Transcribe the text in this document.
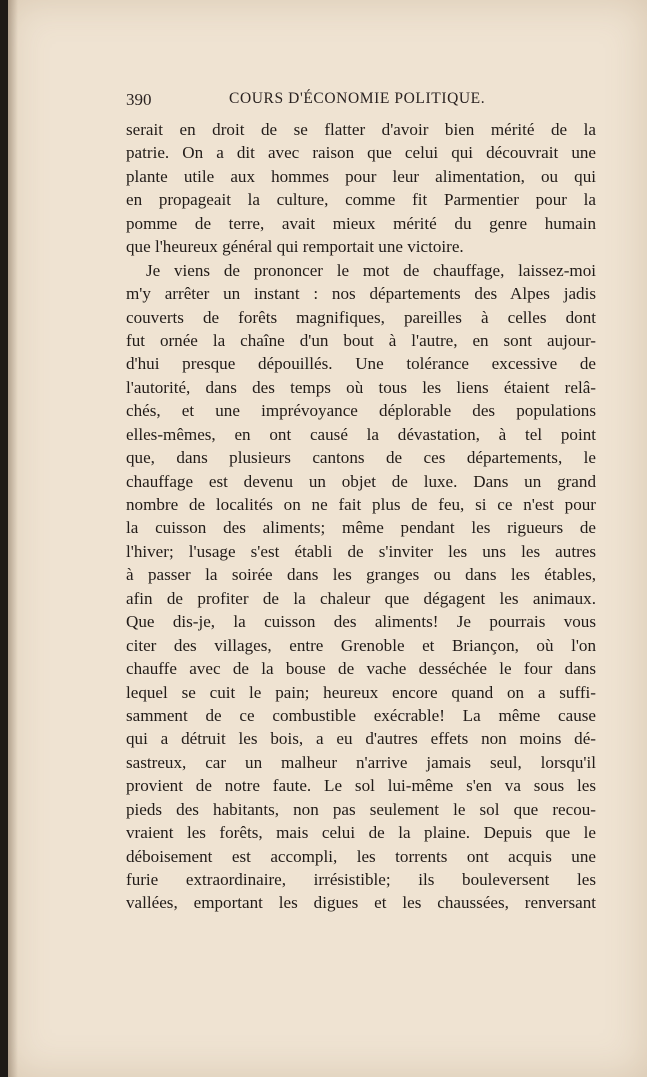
390	COURS D'ÉCONOMIE POLITIQUE.
serait en droit de se flatter d'avoir bien mérité de la
patrie. On a dit avec raison que celui qui découvrait une
plante utile aux hommes pour leur alimentation, ou qui
en propageait la culture, comme fit Parmentier pour la
pomme de terre, avait mieux mérité du genre humain
que l'heureux général qui remportait une victoire.
Je viens de prononcer le mot de chauffage, laissez-moi
m'y arrêter un instant : nos départements des Alpes jadis
couverts de forêts magnifiques, pareilles à celles dont
fut ornée la chaîne d'un bout à l'autre, en sont aujour-
d'hui presque dépouillés. Une tolérance excessive de
l'autorité, dans des temps où tous les liens étaient relâ-
chés, et une imprévoyance déplorable des populations
elles-mêmes, en ont causé la dévastation, à tel point
que, dans plusieurs cantons de ces départements, le
chauffage est devenu un objet de luxe. Dans un grand
nombre de localités on ne fait plus de feu, si ce n'est pour
la cuisson des aliments; même pendant les rigueurs de
l'hiver; l'usage s'est établi de s'inviter les uns les autres
à passer la soirée dans les granges ou dans les étables,
afin de profiter de la chaleur que dégagent les animaux.
Que dis-je, la cuisson des aliments! Je pourrais vous
citer des villages, entre Grenoble et Briançon, où l'on
chauffe avec de la bouse de vache desséchée le four dans
lequel se cuit le pain; heureux encore quand on a suffi-
samment de ce combustible exécrable! La même cause
qui a détruit les bois, a eu d'autres effets non moins dé-
sastreux, car un malheur n'arrive jamais seul, lorsqu'il
provient de notre faute. Le sol lui-même s'en va sous les
pieds des habitants, non pas seulement le sol que recou-
vraient les forêts, mais celui de la plaine. Depuis que le
déboisement est accompli, les torrents ont acquis une
furie extraordinaire, irrésistible; ils bouleversent les
vallées, emportant les digues et les chaussées, renversant
